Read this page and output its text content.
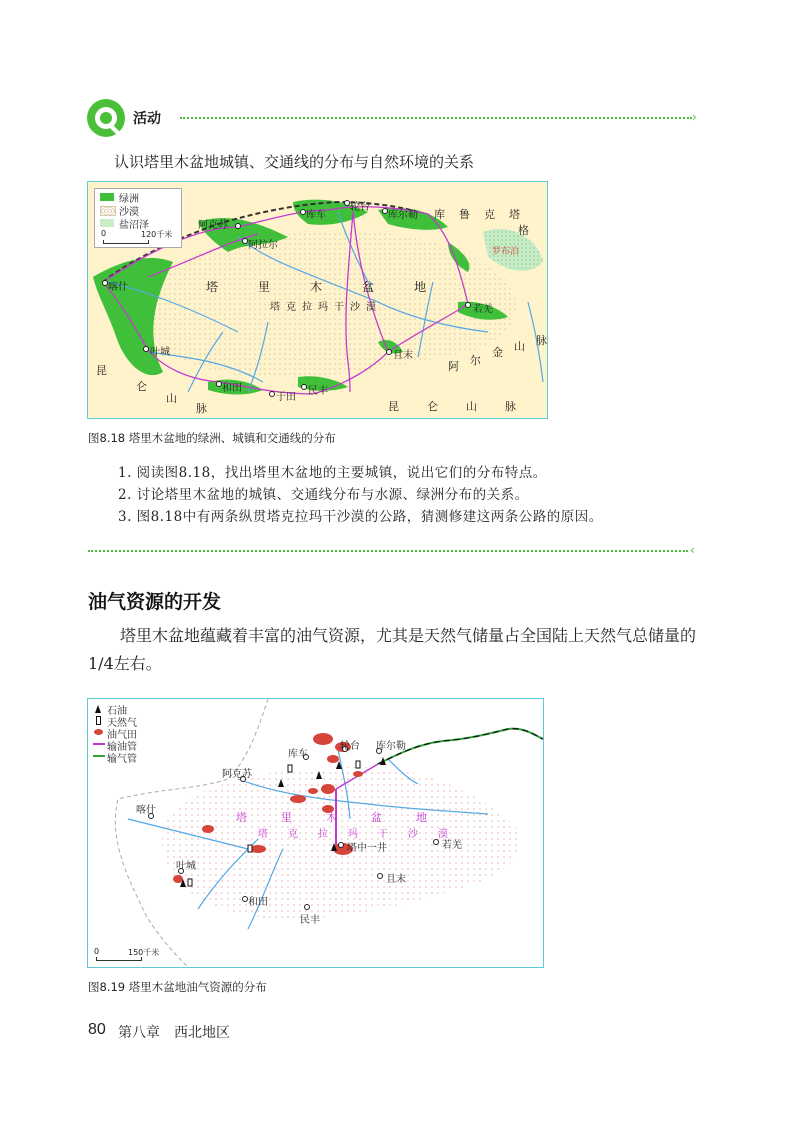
活动	›
认识塔里木盆地城镇、交通线的分布与自然环境的关系
绿洲
沙漠
盐沼泽
0	120千米
库车
轮台
库尔勒
阿克苏
阿拉尔
喀什
若羌
且末
叶城
和田
于田
民丰
罗布泊
塔	里	木	盆	地
塔 克 拉 玛 干 沙 漠
库 鲁 克 塔
格
阿 尔
金 山 脉
昆
仑
山
脉	昆	仑	山	脉
图8.18 塔里木盆地的绿洲、城镇和交通线的分布
1. 阅读图8.18，找出塔里木盆地的主要城镇，说出它们的分布特点。
2. 讨论塔里木盆地的城镇、交通线分布与水源、绿洲分布的关系。
3. 图8.18中有两条纵贯塔克拉玛干沙漠的公路，猜测修建这两条公路的原因。
‹
油气资源的开发
塔里木盆地蕴藏着丰富的油气资源，尤其是天然气储量占全国陆上天然气总储量的1/4左右。
石油
天然气
油气田
输油管
输气管
0	150千米
库车
轮台 库尔勒
阿克苏
喀什
塔中一井	若羌
且末
叶城
和田
民丰
塔	里	木	盆	地
塔 克 拉 玛 干 沙 漠
图8.19 塔里木盆地油气资源的分布
80 第八章　西北地区
